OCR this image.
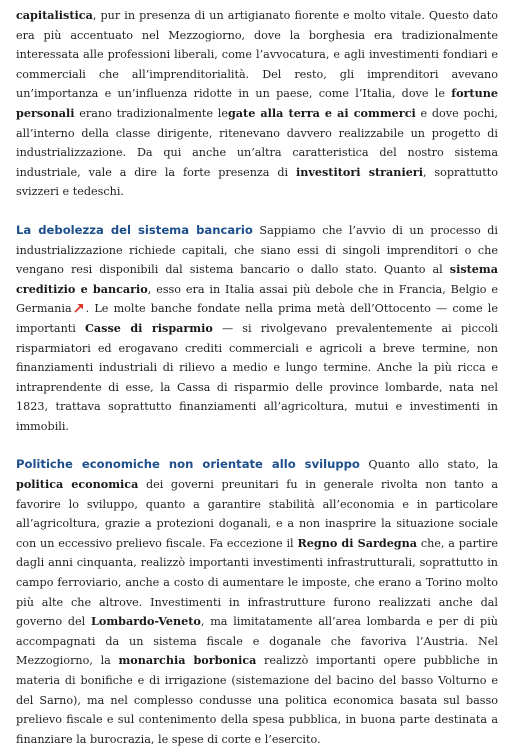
capitalistica, pur in presenza di un artigianato fiorente e molto vitale. Questo dato era più accentuato nel Mezzogiorno, dove la borghesia era tradizionalmente interessata alle professioni liberali, come l’avvocatura, e agli investimenti fondiari e commerciali che all’imprenditorialità. Del resto, gli imprenditori avevano un’importanza e un’influenza ridotte in un paese, come l’Italia, dove le fortune personali erano tradizionalmente legate alla terra e ai commerci e dove pochi, all’interno della classe dirigente, ritenevano davvero realizzabile un progetto di industrializzazione. Da qui anche un’altra caratteristica del nostro sistema industriale, vale a dire la forte presenza di investitori stranieri, soprattutto svizzeri e tedeschi.

La debolezza del sistema bancario Sappiamo che l’avvio di un processo di industrializzazione richiede capitali, che siano essi di singoli imprenditori o che vengano resi disponibili dal sistema bancario o dallo stato. Quanto al sistema creditizio e bancario, esso era in Italia assai più debole che in Francia, Belgio e Germania . Le molte banche fondate nella prima metà dell’Ottocento — come le importanti Casse di risparmio — si rivolgevano prevalentemente ai piccoli risparmiatori ed erogavano crediti commerciali e agricoli a breve termine, non finanziamenti industriali di rilievo a medio e lungo termine. Anche la più ricca e intraprendente di esse, la Cassa di risparmio delle province lombarde, nata nel 1823, trattava soprattutto finanziamenti all’agricoltura, mutui e investimenti in immobili.

Politiche economiche non orientate allo sviluppo Quanto allo stato, la politica economica dei governi preunitari fu in generale rivolta non tanto a favorire lo sviluppo, quanto a garantire stabilità all’economia e in particolare all’agricoltura, grazie a protezioni doganali, e a non inasprire la situazione sociale con un eccessivo prelievo fiscale. Fa eccezione il Regno di Sardegna che, a partire dagli anni cinquanta, realizzò importanti investimenti infrastrutturali, soprattutto in campo ferroviario, anche a costo di aumentare le imposte, che erano a Torino molto più alte che altrove. Investimenti in infrastrutture furono realizzati anche dal governo del Lombardo-Veneto, ma limitatamente all’area lombarda e per di più accompagnati da un sistema fiscale e doganale che favoriva l’Austria. Nel Mezzogiorno, la monarchia borbonica realizzò importanti opere pubbliche in materia di bonifiche e di irrigazione (sistemazione del bacino del basso Volturno e del Sarno), ma nel complesso condusse una politica economica basata sul basso prelievo fiscale e sul contenimento della spesa pubblica, in buona parte destinata a finanziare la burocrazia, le spese di corte e l’esercito.
